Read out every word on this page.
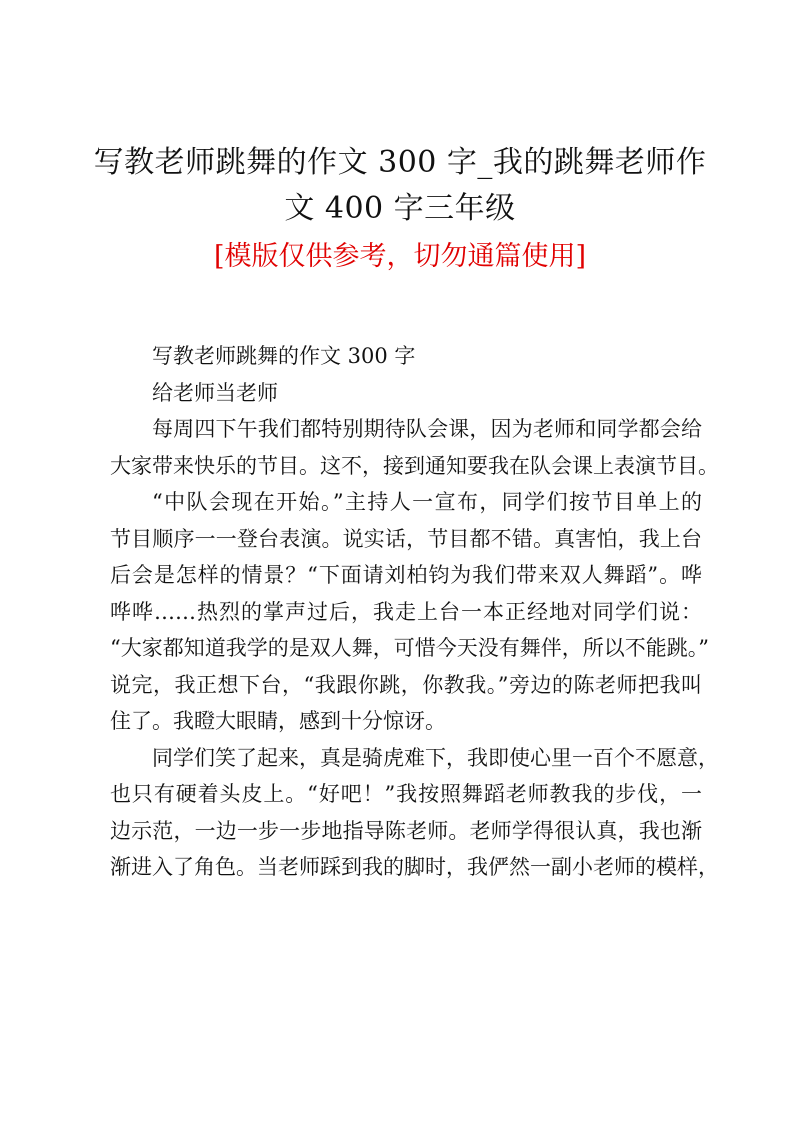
写教老师跳舞的作文 300 字_我的跳舞老师作
文 400 字三年级
[模版仅供参考，切勿通篇使用]
写教老师跳舞的作文 300 字
给老师当老师
每周四下午我们都特别期待队会课，因为老师和同学都会给
大家带来快乐的节目。这不，接到通知要我在队会课上表演节目。
“中队会现在开始。”主持人一宣布，同学们按节目单上的
节目顺序一一登台表演。说实话，节目都不错。真害怕，我上台
后会是怎样的情景？“下面请刘柏钧为我们带来双人舞蹈”。哗
哗哗……热烈的掌声过后，我走上台一本正经地对同学们说：
“大家都知道我学的是双人舞，可惜今天没有舞伴，所以不能跳。”
说完，我正想下台，“我跟你跳，你教我。”旁边的陈老师把我叫
住了。我瞪大眼睛，感到十分惊讶。
同学们笑了起来，真是骑虎难下，我即使心里一百个不愿意，
也只有硬着头皮上。“好吧！”我按照舞蹈老师教我的步伐，一
边示范，一边一步一步地指导陈老师。老师学得很认真，我也渐
渐进入了角色。当老师踩到我的脚时，我俨然一副小老师的模样，
